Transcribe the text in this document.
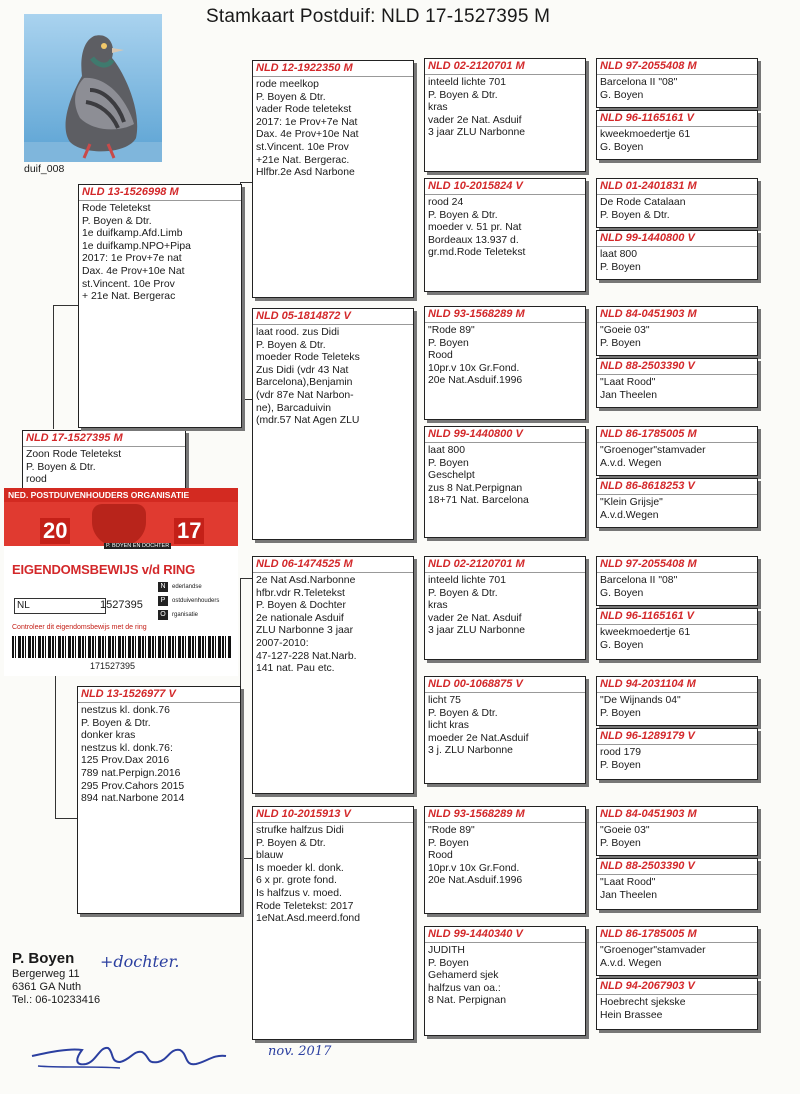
Stamkaart Postduif: NLD 17-1527395 M
duif_008
NLD 17-1527395 M
Zoon Rode Teletekst
P. Boyen & Dtr.
rood
NLD 13-1526998 M
Rode Teletekst
P. Boyen & Dtr.
1e duifkamp.Afd.Limb
1e duifkamp.NPO+Pipa
2017: 1e Prov+7e nat
Dax. 4e Prov+10e Nat
st.Vincent. 10e Prov
+ 21e Nat. Bergerac
NLD 13-1526977 V
nestzus kl. donk.76
P. Boyen & Dtr.
donker kras
nestzus kl. donk.76:
125 Prov.Dax 2016
789 nat.Perpign.2016
295 Prov.Cahors 2015
894 nat.Narbone 2014
NLD 12-1922350 M
rode meelkop
P. Boyen & Dtr.
vader Rode teletekst
2017: 1e Prov+7e Nat
Dax. 4e Prov+10e Nat
st.Vincent. 10e Prov
+21e Nat. Bergerac.
Hlfbr.2e Asd Narbone
NLD 05-1814872 V
laat rood. zus Didi
P. Boyen & Dtr.
moeder Rode Teleteks
Zus Didi (vdr 43 Nat
Barcelona),Benjamin
(vdr 87e Nat Narbon-
ne), Barcaduivin
(mdr.57 Nat Agen ZLU
NLD 06-1474525 M
2e Nat Asd.Narbonne
hfbr.vdr R.Teletekst
P. Boyen & Dochter
2e nationale Asduif
ZLU Narbonne 3 jaar
2007-2010:
47-127-228 Nat.Narb.
141 nat. Pau etc.
NLD 10-2015913 V
strufke halfzus Didi
P. Boyen & Dtr.
blauw
Is moeder kl. donk.
6 x pr. grote fond.
Is halfzus v. moed.
Rode Teletekst: 2017
1eNat.Asd.meerd.fond
NLD 02-2120701 M
inteeld lichte 701
P. Boyen & Dtr.
kras
vader 2e Nat. Asduif
3 jaar ZLU Narbonne
NLD 10-2015824 V
rood 24
P. Boyen & Dtr.
moeder v. 51 pr. Nat
Bordeaux 13.937 d.
gr.md.Rode Teletekst
NLD 93-1568289 M
"Rode 89"
P. Boyen
Rood
10pr.v 10x Gr.Fond.
20e Nat.Asduif.1996
NLD 99-1440800 V
laat 800
P. Boyen
Geschelpt
zus 8 Nat.Perpignan
18+71 Nat. Barcelona
NLD 02-2120701 M
inteeld lichte 701
P. Boyen & Dtr.
kras
vader 2e Nat. Asduif
3 jaar ZLU Narbonne
NLD 00-1068875 V
licht 75
P. Boyen & Dtr.
licht kras
moeder 2e Nat.Asduif
3 j. ZLU Narbonne
NLD 93-1568289 M
"Rode 89"
P. Boyen
Rood
10pr.v 10x Gr.Fond.
20e Nat.Asduif.1996
NLD 99-1440340 V
JUDITH
P. Boyen
Gehamerd sjek
halfzus van oa.:
8 Nat. Perpignan
NLD 97-2055408 M
Barcelona II "08"
G. Boyen
NLD 96-1165161 V
kweekmoedertje 61
G. Boyen
NLD 01-2401831 M
De Rode Catalaan
P. Boyen & Dtr.
NLD 99-1440800 V
laat 800
P. Boyen
NLD 84-0451903 M
"Goeie 03"
P. Boyen
NLD 88-2503390 V
"Laat Rood"
Jan Theelen
NLD 86-1785005 M
"Groenoger"stamvader
A.v.d. Wegen
NLD 86-8618253 V
"Klein Grijsje"
A.v.d.Wegen
NLD 97-2055408 M
Barcelona II "08"
G. Boyen
NLD 96-1165161 V
kweekmoedertje 61
G. Boyen
NLD 94-2031104 M
"De Wijnands 04"
P. Boyen
NLD 96-1289179 V
rood 179
P. Boyen
NLD 84-0451903 M
"Goeie 03"
P. Boyen
NLD 88-2503390 V
"Laat Rood"
Jan Theelen
NLD 86-1785005 M
"Groenoger"stamvader
A.v.d. Wegen
NLD 94-2067903 V
Hoebrecht sjekske
Hein Brassee
NED. POSTDUIVENHOUDERS ORGANISATIE
20	17
P. BOYEN EN DOCHTER
EIGENDOMSBEWIJS v/d RING
NL	1527395
N
P
O
ederlandse
ostduivenhouders
rganisatie
Controleer dit eigendomsbewijs met de ring
171527395
P. Boyen
Bergerweg 11
6361 GA Nuth
Tel.: 06-10233416
+dochter.
nov. 2017
